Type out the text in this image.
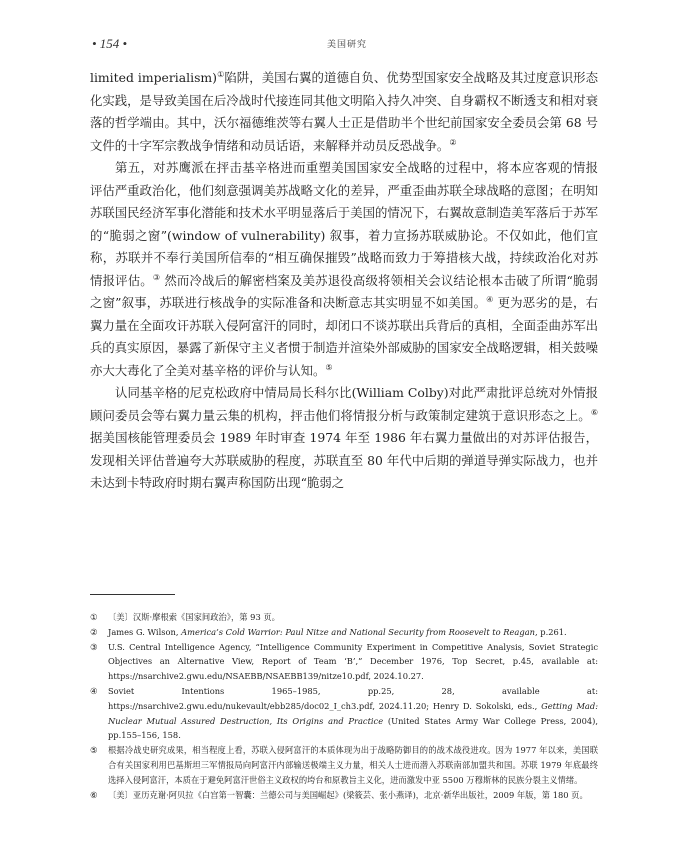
• 154 •	美国研究

limited imperialism)①陷阱，美国右翼的道德自负、优势型国家安全战略及其过度意识形态化实践，是导致美国在后冷战时代接连同其他文明陷入持久冲突、自身霸权不断透支和相对衰落的哲学端由。其中，沃尔福德维茨等右翼人士正是借助半个世纪前国家安全委员会第 68 号文件的十字军宗教战争情绪和动员话语，来解释并动员反恐战争。②

第五，对苏鹰派在抨击基辛格进而重塑美国国家安全战略的过程中，将本应客观的情报评估严重政治化，他们刻意强调美苏战略文化的差异，严重歪曲苏联全球战略的意图；在明知苏联国民经济军事化潜能和技术水平明显落后于美国的情况下，右翼故意制造美军落后于苏军的“脆弱之窗”(window of vulnerability) 叙事，着力宣扬苏联威胁论。不仅如此，他们宣称，苏联并不奉行美国所信奉的“相互确保摧毁”战略而致力于筹措核大战，持续政治化对苏情报评估。③ 然而冷战后的解密档案及美苏退役高级将领相关会议结论根本击破了所谓“脆弱之窗”叙事，苏联进行核战争的实际准备和决断意志其实明显不如美国。④ 更为恶劣的是，右翼力量在全面攻讦苏联入侵阿富汗的同时，却闭口不谈苏联出兵背后的真相，全面歪曲苏军出兵的真实原因，暴露了新保守主义者惯于制造并渲染外部威胁的国家安全战略逻辑，相关鼓噪亦大大毒化了全美对基辛格的评价与认知。⑤

认同基辛格的尼克松政府中情局局长科尔比(William Colby)对此严肃批评总统对外情报顾问委员会等右翼力量云集的机构，抨击他们将情报分析与政策制定建筑于意识形态之上。⑥ 据美国核能管理委员会 1989 年时审查 1974 年至 1986 年右翼力量做出的对苏评估报告，发现相关评估普遍夸大苏联威胁的程度，苏联直至 80 年代中后期的弹道导弹实际战力，也并未达到卡特政府时期右翼声称国防出现“脆弱之

①	〔美〕汉斯·摩根索《国家间政治》，第 93 页。
②	James G. Wilson, America’s Cold Warrior: Paul Nitze and National Security from Roosevelt to Reagan, p.261.
③	U.S. Central Intelligence Agency, “Intelligence Community Experiment in Competitive Analysis, Soviet Strategic Objectives an Alternative View, Report of Team ‘B’,” December 1976, Top Secret, p.45, available at: https://nsarchive2.gwu.edu/NSAEBB/NSAEBB139/nitze10.pdf, 2024.10.27.
④	Soviet Intentions 1965–1985, pp.25, 28, available at: https://nsarchive2.gwu.edu/nukevault/ebb285/doc02_I_ch3.pdf, 2024.11.20; Henry D. Sokolski, eds., Getting Mad: Nuclear Mutual Assured Destruction, Its Origins and Practice (United States Army War College Press, 2004), pp.155–156, 158.
⑤	根据冷战史研究成果，相当程度上看，苏联入侵阿富汗的本质体现为出于战略防御目的的战术战役进攻。因为 1977 年以来，美国联合有关国家利用巴基斯坦三军情报局向阿富汗内部输送极端主义力量，相关人士进而潜入苏联南部加盟共和国。苏联 1979 年底最终选择入侵阿富汗，本质在于避免阿富汗世俗主义政权的垮台和原教旨主义化，进而激发中亚 5500 万穆斯林的民族分裂主义情绪。
⑥	〔美〕亚历克谢·阿贝拉《白宫第一智囊：兰德公司与美国崛起》(梁筱芸、张小燕译)，北京·新华出版社，2009 年版，第 180 页。
